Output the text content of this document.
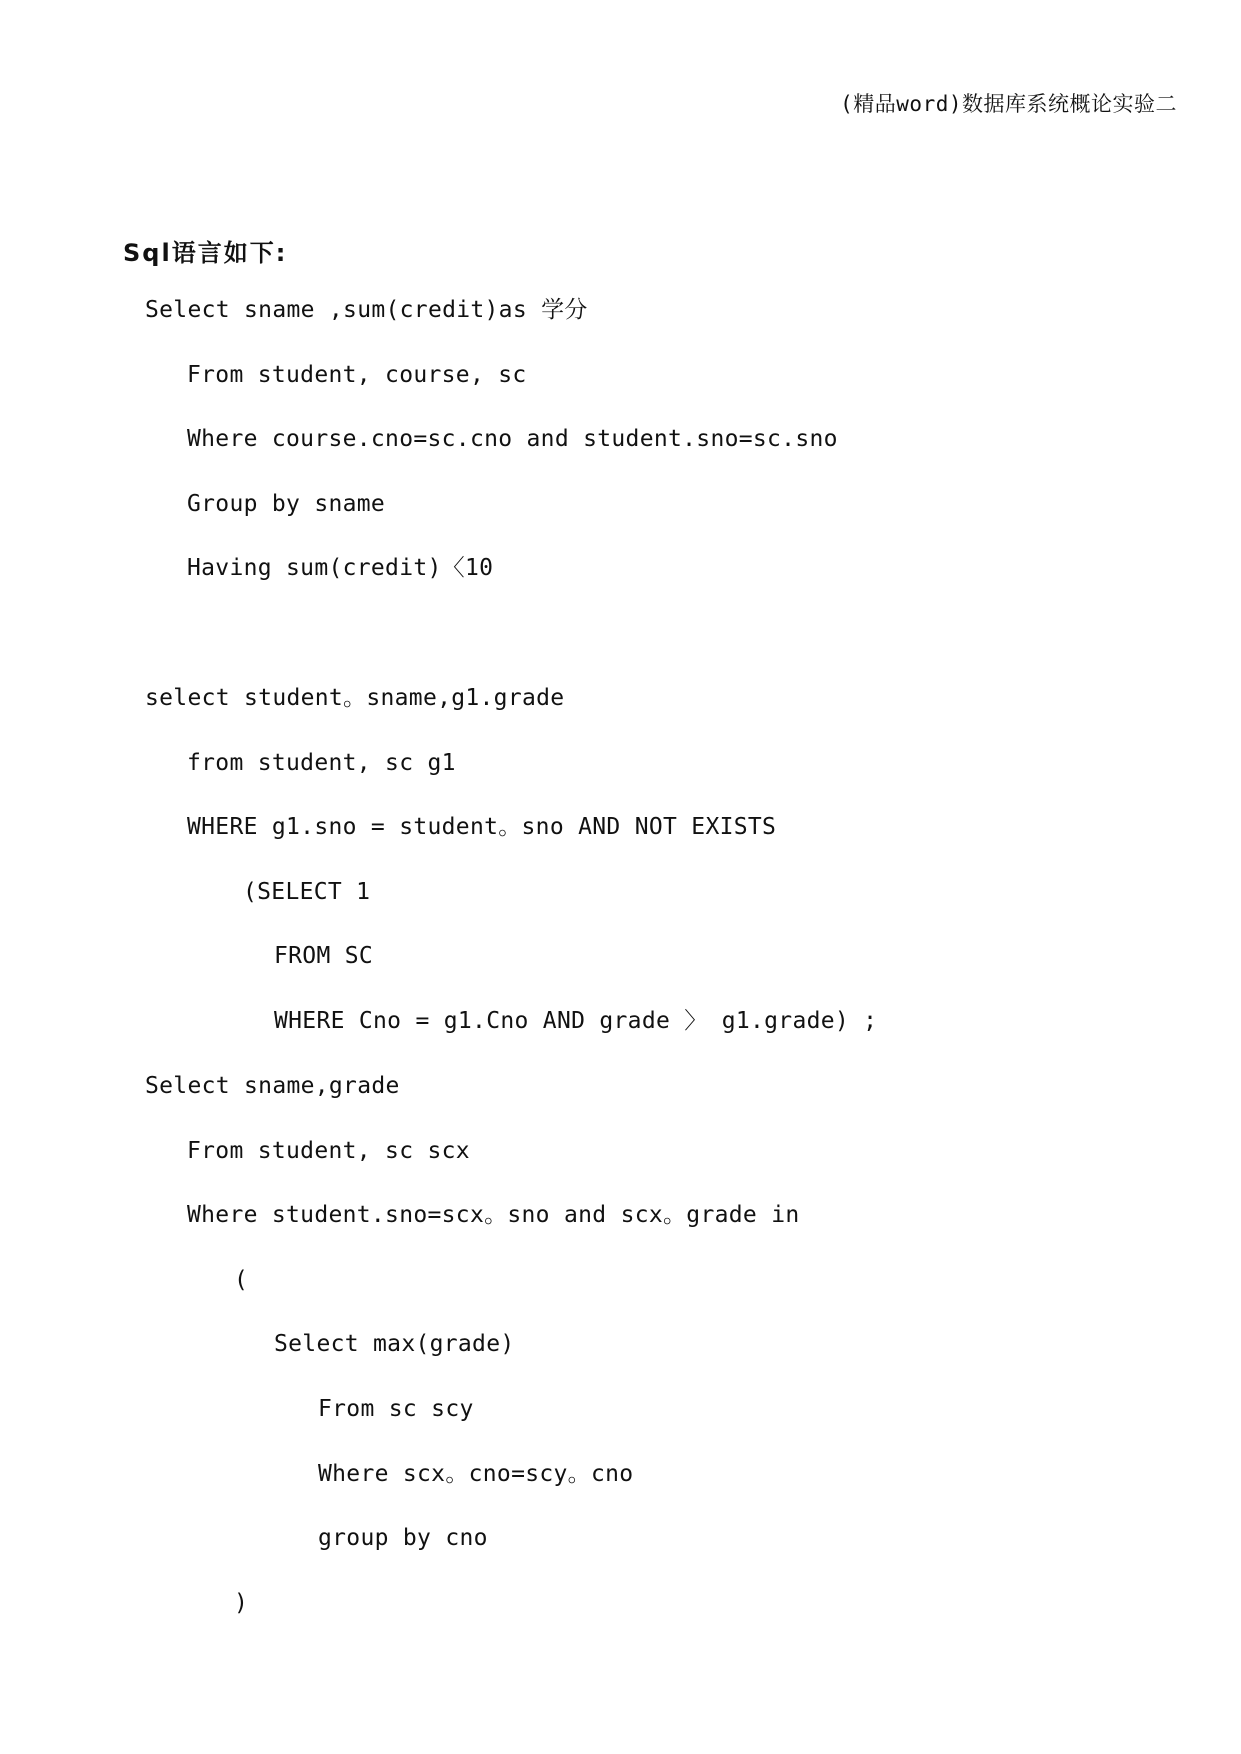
(精品word)数据库系统概论实验二
Sql语言如下:
Select sname ,sum(credit)as 学分
From student, course, sc
Where course.cno=sc.cno and student.sno=sc.sno
Group by sname
Having sum(credit)〈10
select student。sname,g1.grade
from student, sc g1
WHERE g1.sno = student。sno AND NOT EXISTS
(SELECT 1
FROM SC
WHERE Cno = g1.Cno AND grade 〉 g1.grade) ;
Select sname,grade
From student, sc scx
Where student.sno=scx。sno and scx。grade in
(
Select max(grade)
From sc scy
Where scx。cno=scy。cno
group by cno
)
